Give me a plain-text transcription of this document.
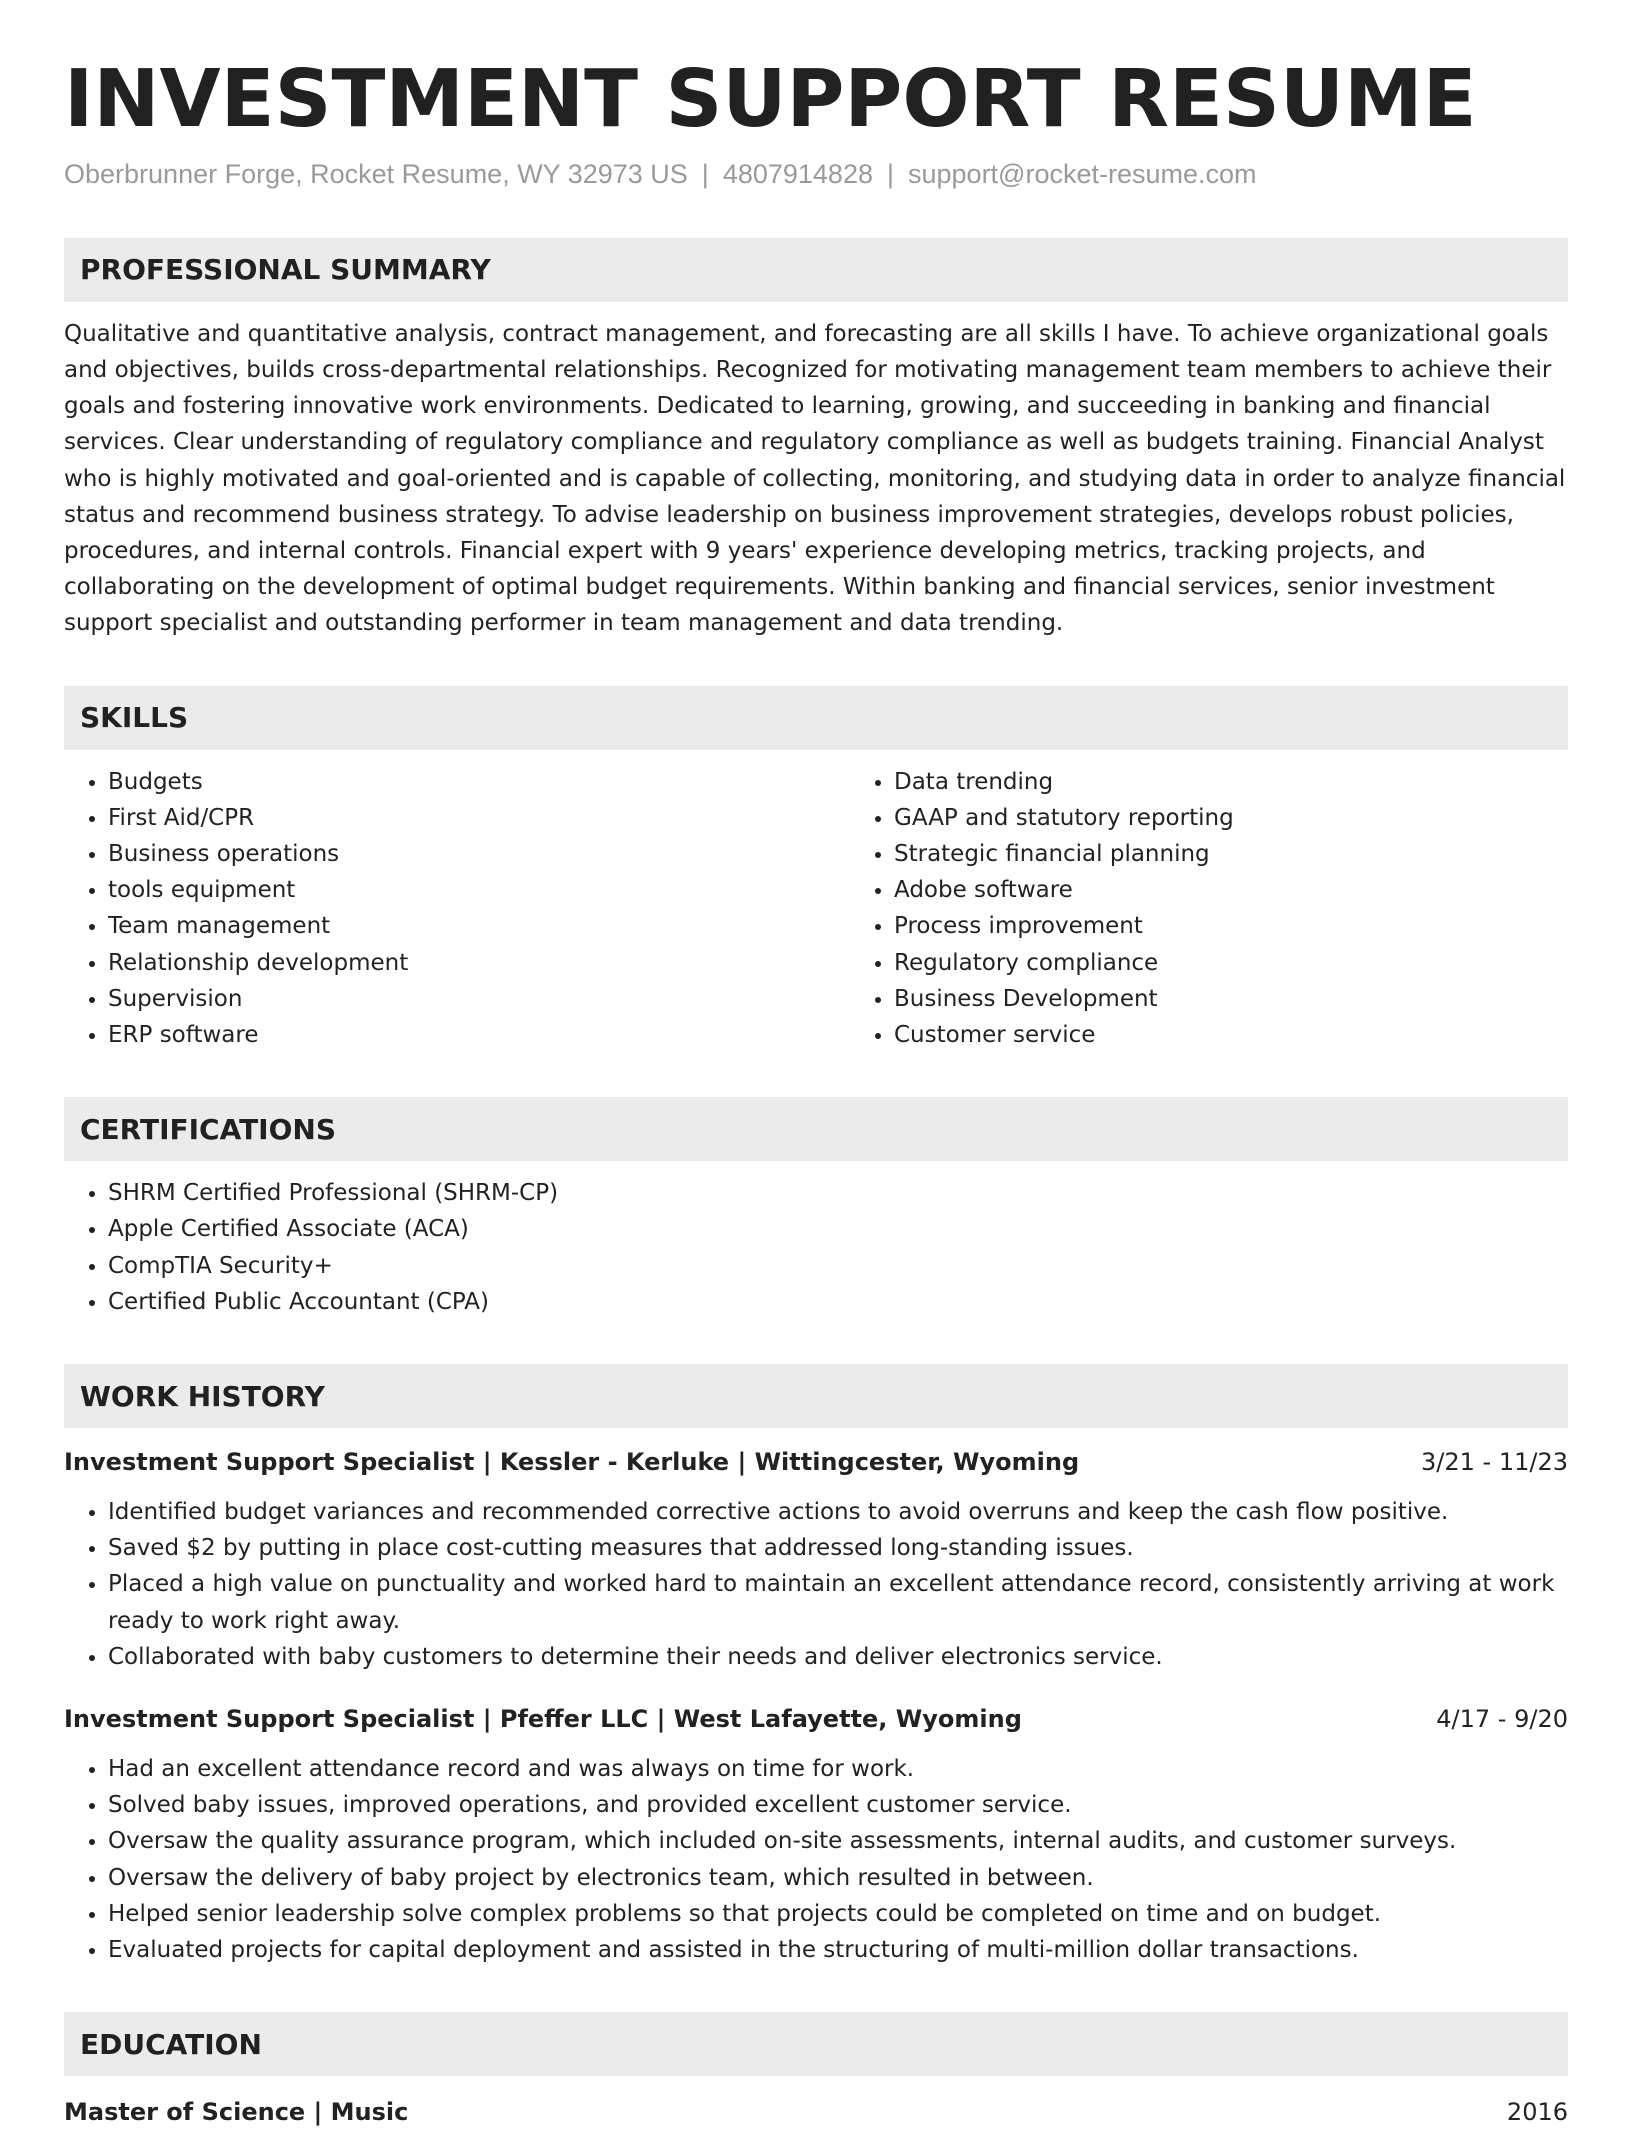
INVESTMENT SUPPORT RESUME
Oberbrunner Forge, Rocket Resume, WY 32973 US | 4807914828 | support@rocket-resume.com
PROFESSIONAL SUMMARY
Qualitative and quantitative analysis, contract management, and forecasting are all skills I have. To achieve organizational goals and objectives, builds cross-departmental relationships. Recognized for motivating management team members to achieve their goals and fostering innovative work environments. Dedicated to learning, growing, and succeeding in banking and financial services. Clear understanding of regulatory compliance and regulatory compliance as well as budgets training. Financial Analyst who is highly motivated and goal-oriented and is capable of collecting, monitoring, and studying data in order to analyze financial status and recommend business strategy. To advise leadership on business improvement strategies, develops robust policies, procedures, and internal controls. Financial expert with 9 years' experience developing metrics, tracking projects, and collaborating on the development of optimal budget requirements. Within banking and financial services, senior investment support specialist and outstanding performer in team management and data trending.
SKILLS
• Budgets
• First Aid/CPR
• Business operations
• tools equipment
• Team management
• Relationship development
• Supervision
• ERP software
• Data trending
• GAAP and statutory reporting
• Strategic financial planning
• Adobe software
• Process improvement
• Regulatory compliance
• Business Development
• Customer service
CERTIFICATIONS
• SHRM Certified Professional (SHRM-CP)
• Apple Certified Associate (ACA)
• CompTIA Security+
• Certified Public Accountant (CPA)
WORK HISTORY
Investment Support Specialist | Kessler - Kerluke | Wittingcester, Wyoming	3/21 - 11/23
• Identified budget variances and recommended corrective actions to avoid overruns and keep the cash flow positive.
• Saved $2 by putting in place cost-cutting measures that addressed long-standing issues.
• Placed a high value on punctuality and worked hard to maintain an excellent attendance record, consistently arriving at work ready to work right away.
• Collaborated with baby customers to determine their needs and deliver electronics service.
Investment Support Specialist | Pfeffer LLC | West Lafayette, Wyoming	4/17 - 9/20
• Had an excellent attendance record and was always on time for work.
• Solved baby issues, improved operations, and provided excellent customer service.
• Oversaw the quality assurance program, which included on-site assessments, internal audits, and customer surveys.
• Oversaw the delivery of baby project by electronics team, which resulted in between.
• Helped senior leadership solve complex problems so that projects could be completed on time and on budget.
• Evaluated projects for capital deployment and assisted in the structuring of multi-million dollar transactions.
EDUCATION
Master of Science | Music	2016
